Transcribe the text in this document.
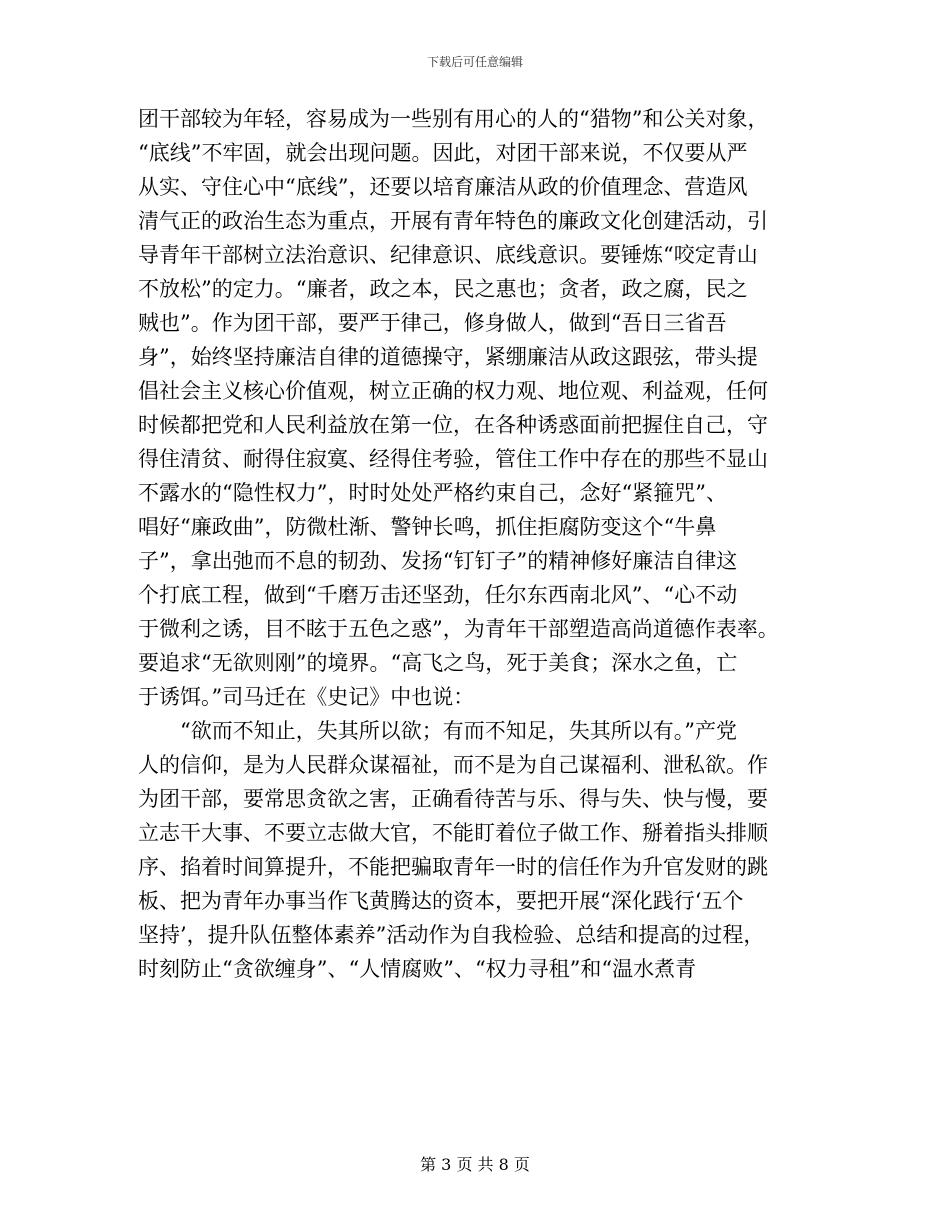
下载后可任意编辑
团干部较为年轻，容易成为一些别有用心的人的“猎物”和公关对象，
“底线”不牢固，就会出现问题。因此，对团干部来说，不仅要从严
从实、守住心中“底线”，还要以培育廉洁从政的价值理念、营造风
清气正的政治生态为重点，开展有青年特色的廉政文化创建活动，引
导青年干部树立法治意识、纪律意识、底线意识。要锤炼“咬定青山
不放松”的定力。“廉者，政之本，民之惠也；贪者，政之腐，民之
贼也”。作为团干部，要严于律己，修身做人，做到“吾日三省吾
身”，始终坚持廉洁自律的道德操守，紧绷廉洁从政这跟弦，带头提
倡社会主义核心价值观，树立正确的权力观、地位观、利益观，任何
时候都把党和人民利益放在第一位，在各种诱惑面前把握住自己，守
得住清贫、耐得住寂寞、经得住考验，管住工作中存在的那些不显山
不露水的“隐性权力”，时时处处严格约束自己，念好“紧箍咒”、
唱好“廉政曲”，防微杜渐、警钟长鸣，抓住拒腐防变这个“牛鼻
子”，拿出弛而不息的韧劲、发扬“钉钉子”的精神修好廉洁自律这
个打底工程，做到“千磨万击还坚劲，任尔东西南北风”、“心不动
于微利之诱，目不眩于五色之惑”，为青年干部塑造高尚道德作表率。
要追求“无欲则刚”的境界。“高飞之鸟，死于美食；深水之鱼，亡
于诱饵。”司马迁在《史记》中也说：
“欲而不知止，失其所以欲；有而不知足，失其所以有。”产党
人的信仰，是为人民群众谋福祉，而不是为自己谋福利、泄私欲。作
为团干部，要常思贪欲之害，正确看待苦与乐、得与失、快与慢，要
立志干大事、不要立志做大官，不能盯着位子做工作、掰着指头排顺
序、掐着时间算提升，不能把骗取青年一时的信任作为升官发财的跳
板、把为青年办事当作飞黄腾达的资本，要把开展“深化践行‘五个
坚持’，提升队伍整体素养”活动作为自我检验、总结和提高的过程，
时刻防止“贪欲缠身”、“人情腐败”、“权力寻租”和“温水煮青
第 3 页 共 8 页
